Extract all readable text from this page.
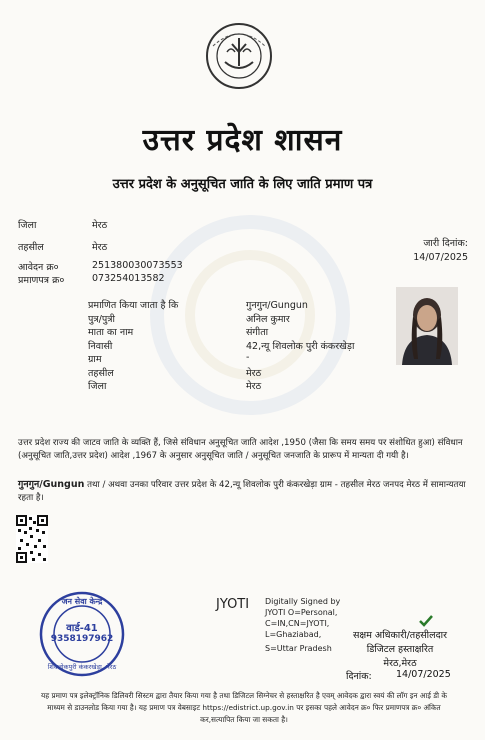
उत्तर प्रदेश शासन
उत्तर प्रदेश के अनुसूचित जाति के लिए जाति प्रमाण पत्र
जिला	मेरठ
तहसील	मेरठ
आवेदन क्र०	251380030073553
प्रमाणपत्र क्र०	073254013582
जारी दिनांक:
14/07/2025
प्रमाणित किया जाता है कि	गुनगुन/Gungun
पुत्र/पुत्री	अनिल कुमार
माता का नाम	संगीता
निवासी	42,न्यू शिवलोक पुरी कंकरखेड़ा
ग्राम	-
तहसील	मेरठ
जिला	मेरठ
उत्तर प्रदेश राज्य की जाटव जाति के व्यक्ति हैं, जिसे संविधान अनुसूचित जाति आदेश ,1950 (जैसा कि समय समय पर संशोधित हुआ) संविधान (अनुसूचित जाति,उत्तर प्रदेश) आदेश ,1967 के अनुसार अनुसूचित जाति / अनुसूचित जनजाति के प्रारूप में मान्यता दी गयी है।
गुनगुन/Gungun तथा / अथवा उनका परिवार उत्तर प्रदेश के 42,न्यू शिवलोक पुरी कंकरखेड़ा ग्राम - तहसील मेरठ जनपद मेरठ में सामान्यतया रहता है।
जन सेवा केन्द्र
वार्ड-41
9358197962
शिवलोकपुरी कंकरखेड़ा, मेरठ
JYOTI Digitally Signed by
JYOTI O=Personal,
C=IN,CN=JYOTI,
L=Ghaziabad,
S=Uttar Pradesh
सक्षम अधिकारी/तहसीलदार
डिजिटल हस्ताक्षरित
मेरठ,मेरठ
दिनांक:	14/07/2025
यह प्रमाण पत्र इलेक्ट्रॉनिक डिलिवरी सिस्टम द्वारा तैयार किया गया है तथा डिजिटल सिग्नेचर से हस्ताक्षरित है एवम् आवेदक द्वारा स्वयं की लॉग इन आई डी के
माध्यम से डाउनलोड किया गया है। यह प्रमाण पत्र वेबसाइट https://edistrict.up.gov.in पर इसका पहले आवेदन क्र० फिर प्रमाणपत्र क्र० अंकित
कर,सत्यापित किया जा सकता है।
